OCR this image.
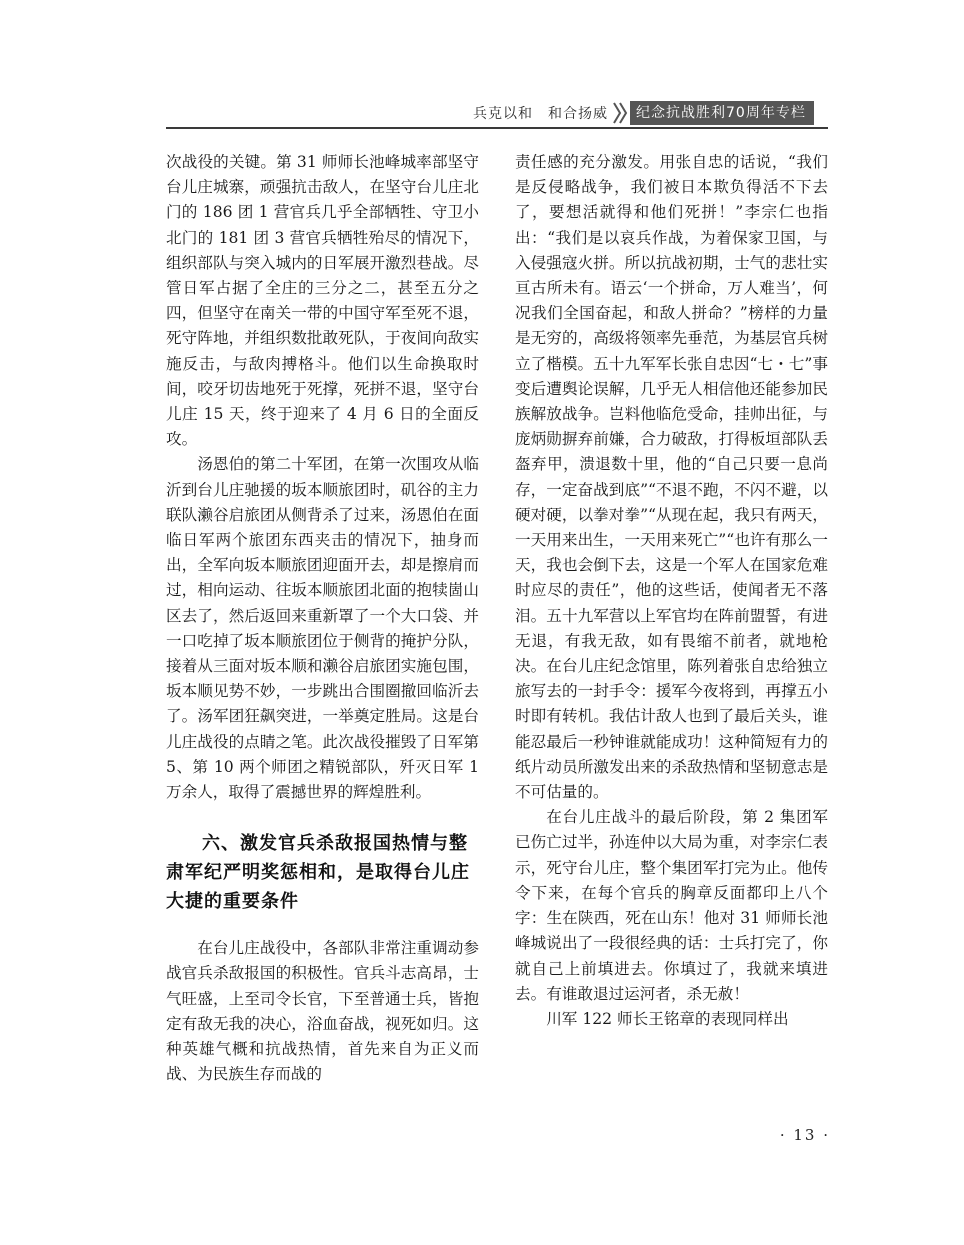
兵克以和　和合扬威	纪念抗战胜利70周年专栏

次战役的关键。第 31 师师长池峰城率部坚守台儿庄城寨，顽强抗击敌人，在坚守台儿庄北门的 186 团 1 营官兵几乎全部牺牲、守卫小北门的 181 团 3 营官兵牺牲殆尽的情况下，组织部队与突入城内的日军展开激烈巷战。尽管日军占据了全庄的三分之二，甚至五分之四，但坚守在南关一带的中国守军至死不退，死守阵地，并组织数批敢死队，于夜间向敌实施反击，与敌肉搏格斗。他们以生命换取时间，咬牙切齿地死于死撑，死拼不退，坚守台儿庄 15 天，终于迎来了 4 月 6 日的全面反攻。

汤恩伯的第二十军团，在第一次围攻从临沂到台儿庄驰援的坂本顺旅团时，矶谷的主力联队濑谷启旅团从侧背杀了过来，汤恩伯在面临日军两个旅团东西夹击的情况下，抽身而出，全军向坂本顺旅团迎面开去，却是擦肩而过，相向运动、往坂本顺旅团北面的抱犊崮山区去了，然后返回来重新罩了一个大口袋、并一口吃掉了坂本顺旅团位于侧背的掩护分队，接着从三面对坂本顺和濑谷启旅团实施包围，坂本顺见势不妙，一步跳出合围圈撤回临沂去了。汤军团狂飙突进，一举奠定胜局。这是台儿庄战役的点睛之笔。此次战役摧毁了日军第 5、第 10 两个师团之精锐部队，歼灭日军 1 万余人，取得了震撼世界的辉煌胜利。

六、激发官兵杀敌报国热情与整肃军纪严明奖惩相和，是取得台儿庄大捷的重要条件

在台儿庄战役中，各部队非常注重调动参战官兵杀敌报国的积极性。官兵斗志高昂，士气旺盛，上至司令长官，下至普通士兵，皆抱定有敌无我的决心，浴血奋战，视死如归。这种英雄气概和抗战热情，首先来自为正义而战、为民族生存而战的

责任感的充分激发。用张自忠的话说，“我们是反侵略战争，我们被日本欺负得活不下去了，要想活就得和他们死拼！”李宗仁也指出：“我们是以哀兵作战，为着保家卫国，与入侵强寇火拼。所以抗战初期，士气的悲壮实亘古所未有。语云‘一个拼命，万人难当’，何况我们全国奋起，和敌人拼命？”榜样的力量是无穷的，高级将领率先垂范，为基层官兵树立了楷模。五十九军军长张自忠因“七・七”事变后遭舆论误解，几乎无人相信他还能参加民族解放战争。岂料他临危受命，挂帅出征，与庞炳勋摒弃前嫌，合力破敌，打得板垣部队丢盔弃甲，溃退数十里，他的“自己只要一息尚存，一定奋战到底”“不退不跑，不闪不避，以硬对硬，以拳对拳”“从现在起，我只有两天，一天用来出生，一天用来死亡”“也许有那么一天，我也会倒下去，这是一个军人在国家危难时应尽的责任”，他的这些话，使闻者无不落泪。五十九军营以上军官均在阵前盟誓，有进无退，有我无敌，如有畏缩不前者，就地枪决。在台儿庄纪念馆里，陈列着张自忠给独立旅写去的一封手令：援军今夜将到，再撑五小时即有转机。我估计敌人也到了最后关头，谁能忍最后一秒钟谁就能成功！这种简短有力的纸片动员所激发出来的杀敌热情和坚韧意志是不可估量的。

在台儿庄战斗的最后阶段，第 2 集团军已伤亡过半，孙连仲以大局为重，对李宗仁表示，死守台儿庄，整个集团军打完为止。他传令下来，在每个官兵的胸章反面都印上八个字：生在陕西，死在山东！他对 31 师师长池峰城说出了一段很经典的话：士兵打完了，你就自己上前填进去。你填过了，我就来填进去。有谁敢退过运河者，杀无赦！

川军 122 师长王铭章的表现同样出

· 13 ·
